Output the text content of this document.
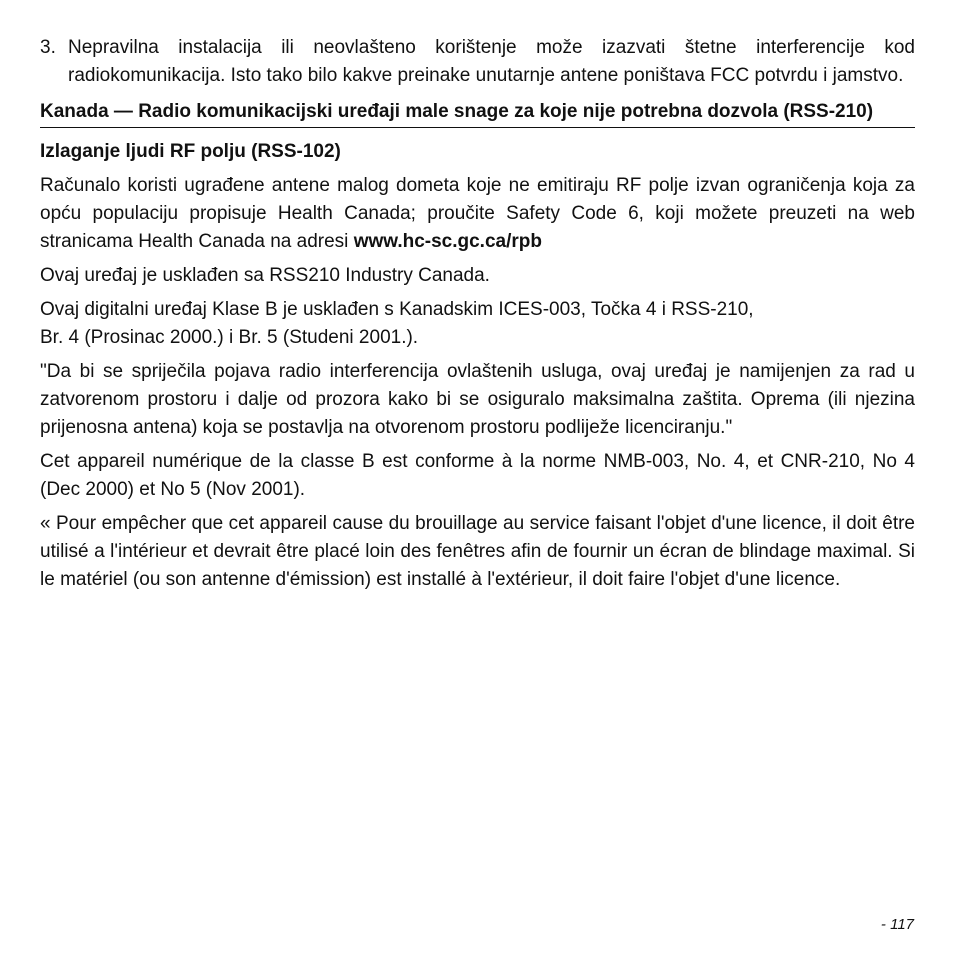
3. Nepravilna instalacija ili neovlašteno korištenje može izazvati štetne interferencije kod radiokomunikacija. Isto tako bilo kakve preinake unutarnje antene poništava FCC potvrdu i jamstvo.

Kanada — Radio komunikacijski uređaji male snage za koje nije potrebna dozvola (RSS-210)

Izlaganje ljudi RF polju (RSS-102)

Računalo koristi ugrađene antene malog dometa koje ne emitiraju RF polje izvan ograničenja koja za opću populaciju propisuje Health Canada; proučite Safety Code 6, koji možete preuzeti na web stranicama Health Canada na adresi www.hc-sc.gc.ca/rpb

Ovaj uređaj je usklađen sa RSS210 Industry Canada.

Ovaj digitalni uređaj Klase B je usklađen s Kanadskim ICES-003, Točka 4 i RSS-210,
Br. 4 (Prosinac 2000.) i Br. 5 (Studeni 2001.).

"Da bi se spriječila pojava radio interferencija ovlaštenih usluga, ovaj uređaj je namijenjen za rad u zatvorenom prostoru i dalje od prozora kako bi se osiguralo maksimalna zaštita. Oprema (ili njezina prijenosna antena) koja se postavlja na otvorenom prostoru podliježe licenciranju."

Cet appareil numérique de la classe B est conforme à la norme NMB-003, No. 4, et CNR-210, No 4 (Dec 2000) et No 5 (Nov 2001).

« Pour empêcher que cet appareil cause du brouillage au service faisant l'objet d'une licence, il doit être utilisé a l'intérieur et devrait être placé loin des fenêtres afin de fournir un écran de blindage maximal. Si le matériel (ou son antenne d'émission) est installé à l'extérieur, il doit faire l'objet d'une licence.

- 117
